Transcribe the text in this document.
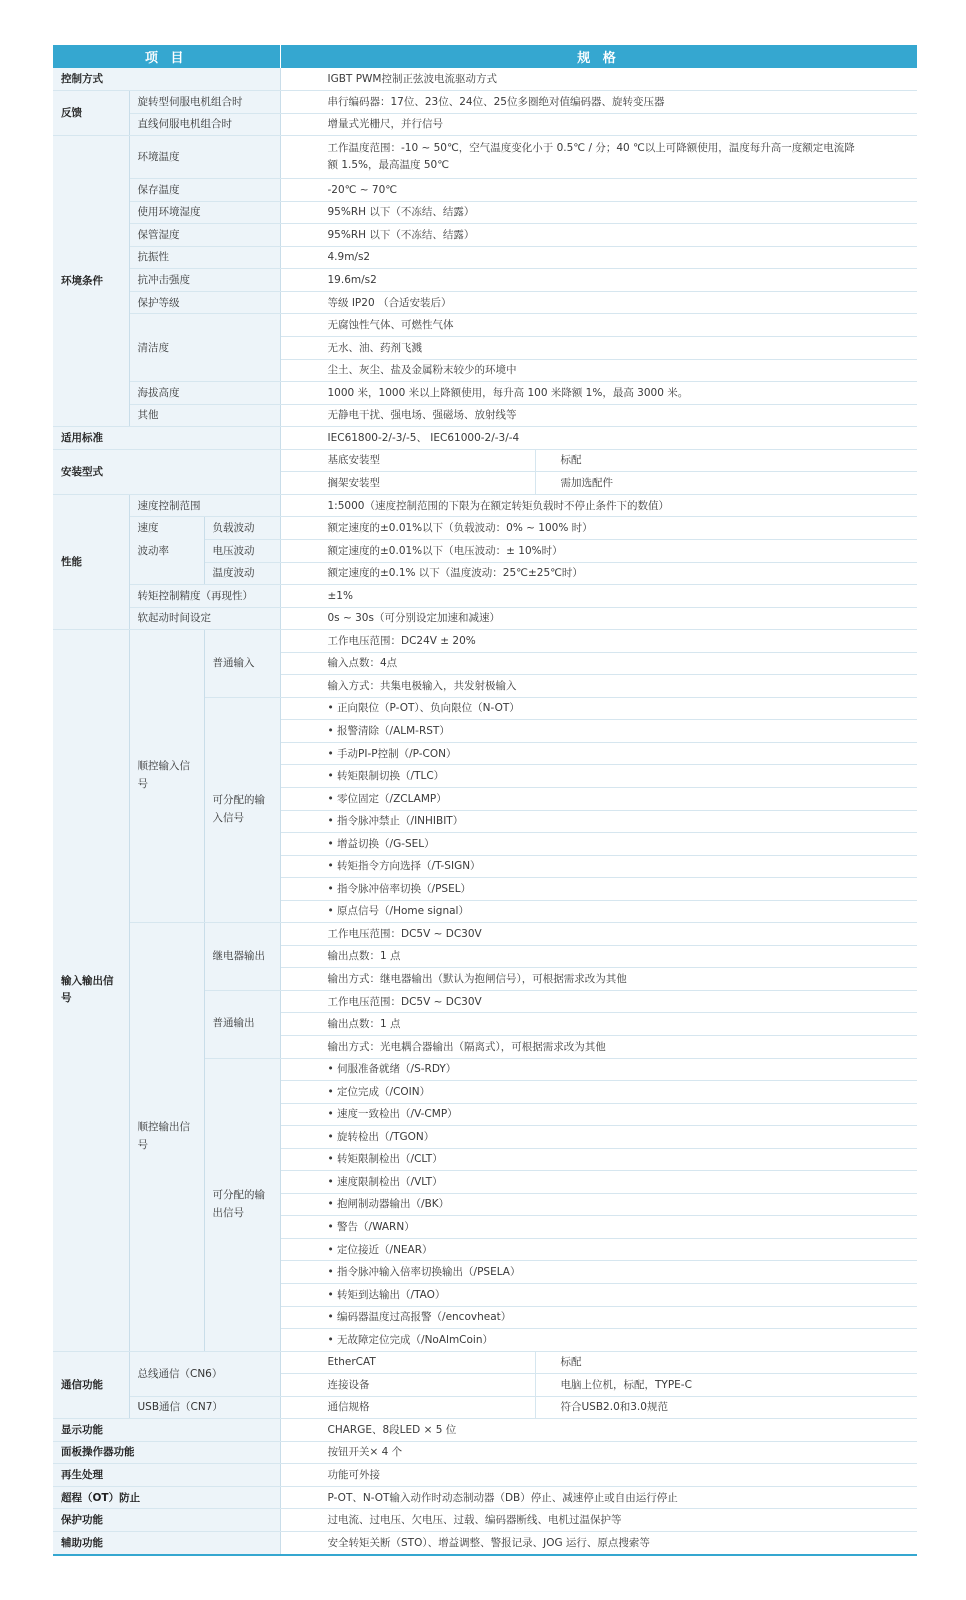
项 目			规 格	
控制方式			IGBT PWM控制正弦波电流驱动方式	
反馈	旋转型伺服电机组合时		串行编码器：17位、23位、24位、25位多圈绝对值编码器、旋转变压器	
	直线伺服电机组合时		增量式光栅尺，并行信号	
环境条件	环境温度		工作温度范围：-10 ~ 50℃，空气温度变化小于 0.5℃ / 分；40 ℃以上可降额使用，温度每升高一度额定电流降额 1.5%，最高温度 50℃	
	保存温度		-20℃ ~ 70℃	
	使用环境湿度		95%RH 以下（不冻结、结露）	
	保管湿度		95%RH 以下（不冻结、结露）	
	抗振性		4.9m/s2	
	抗冲击强度		19.6m/s2	
	保护等级		等级 IP20 （合适安装后）	
	清洁度		无腐蚀性气体、可燃性气体	
			无水、油、药剂飞溅	
			尘土、灰尘、盐及金属粉末较少的环境中	
	海拔高度		1000 米，1000 米以上降额使用，每升高 100 米降额 1%，最高 3000 米。	
	其他		无静电干扰、强电场、强磁场、放射线等	
适用标准			IEC61800-2/-3/-5、 IEC61000-2/-3/-4	
安装型式			基底安装型	标配
			搁架安装型	需加选配件
性能	速度控制范围		1:5000（速度控制范围的下限为在额定转矩负载时不停止条件下的数值）	
	速度	负载波动	额定速度的±0.01%以下（负载波动：0% ~ 100% 时）	
	波动率	电压波动	额定速度的±0.01%以下（电压波动：± 10%时）	
		温度波动	额定速度的±0.1% 以下（温度波动：25℃±25℃时）	
	转矩控制精度（再现性）		±1%	
	软起动时间设定		0s ~ 30s（可分别设定加速和减速）	
输入输出信号	顺控输入信号	普通输入	工作电压范围：DC24V ± 20%	
			输入点数：4点	
			输入方式：共集电极输入，共发射极输入	
		可分配的输入信号	• 正向限位（P-OT）、负向限位（N-OT）	
			• 报警清除（/ALM-RST）	
			• 手动PI-P控制（/P-CON）	
			• 转矩限制切换（/TLC）	
			• 零位固定（/ZCLAMP）	
			• 指令脉冲禁止（/INHIBIT）	
			• 增益切换（/G-SEL）	
			• 转矩指令方向选择（/T-SIGN）	
			• 指令脉冲倍率切换（/PSEL）	
			• 原点信号（/Home signal）	
	顺控输出信号	继电器输出	工作电压范围：DC5V ~ DC30V	
			输出点数：1 点	
			输出方式：继电器输出（默认为抱闸信号），可根据需求改为其他	
		普通输出	工作电压范围：DC5V ~ DC30V	
			输出点数：1 点	
			输出方式：光电耦合器输出（隔离式），可根据需求改为其他	
		可分配的输出信号	• 伺服准备就绪（/S-RDY）	
			• 定位完成（/COIN）	
			• 速度一致检出（/V-CMP）	
			• 旋转检出（/TGON）	
			• 转矩限制检出（/CLT）	
			• 速度限制检出（/VLT）	
			• 抱闸制动器输出（/BK）	
			• 警告（/WARN）	
			• 定位接近（/NEAR）	
			• 指令脉冲输入倍率切换输出（/PSELA）	
			• 转矩到达输出（/TAO）	
			• 编码器温度过高报警（/encovheat）	
			• 无故障定位完成（/NoAlmCoin）	
通信功能	总线通信（CN6）		EtherCAT	标配
			连接设备	电脑上位机，标配，TYPE-C
	USB通信（CN7）		通信规格	符合USB2.0和3.0规范
显示功能			CHARGE、8段LED × 5 位	
面板操作器功能			按钮开关× 4 个	
再生处理			功能可外接	
超程（OT）防止			P-OT、N-OT输入动作时动态制动器（DB）停止、减速停止或自由运行停止	
保护功能			过电流、过电压、欠电压、过载、编码器断线、电机过温保护等	
辅助功能			安全转矩关断（STO）、增益调整、警报记录、JOG 运行、原点搜索等	
